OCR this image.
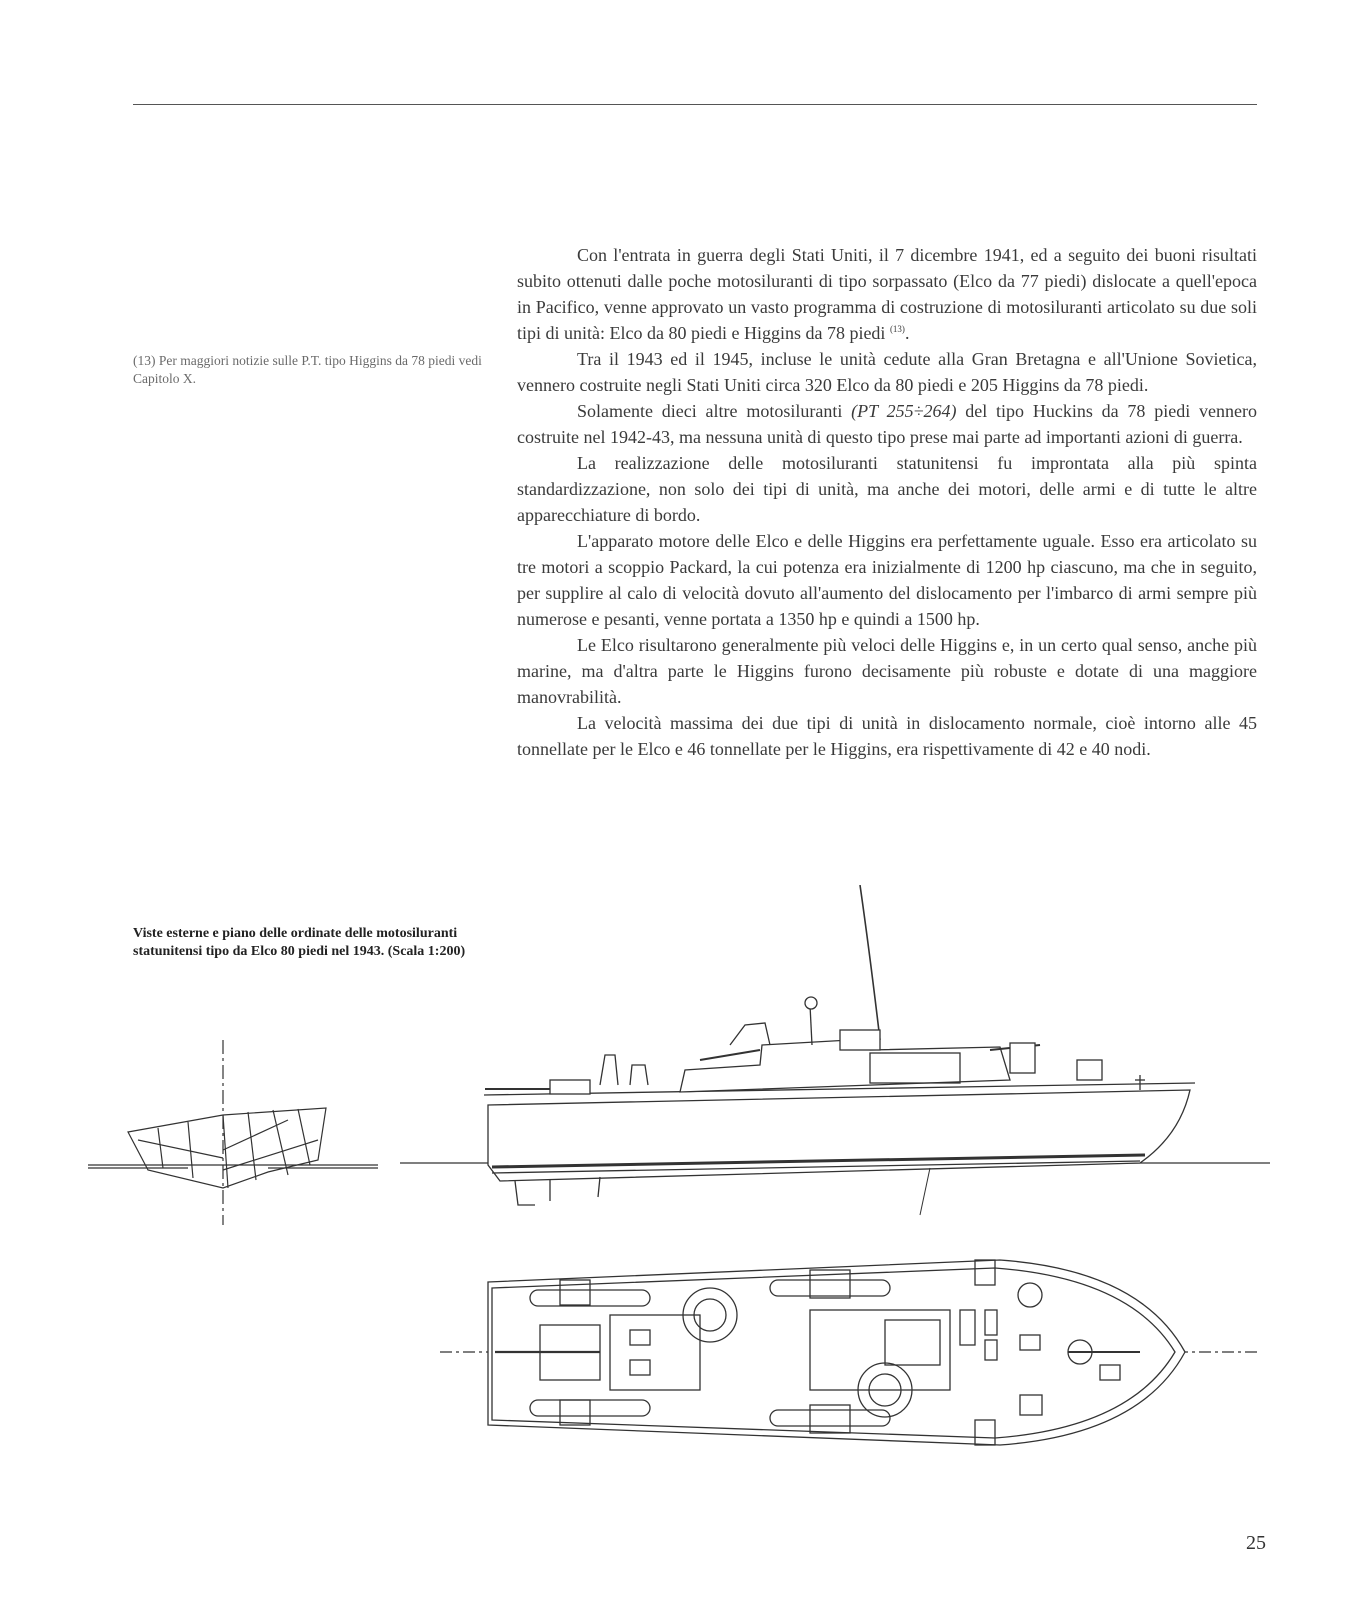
(13) Per maggiori notizie sulle P.T. tipo Higgins da 78 piedi vedi Capitolo X.

Con l'entrata in guerra degli Stati Uniti, il 7 dicembre 1941, ed a seguito dei buoni risultati subito ottenuti dalle poche motosiluranti di tipo sorpassato (Elco da 77 piedi) dislocate a quell'epoca in Pacifico, venne approvato un vasto programma di costruzione di motosiluranti articolato su due soli tipi di unità: Elco da 80 piedi e Higgins da 78 piedi $^{(13)}$.

Tra il 1943 ed il 1945, incluse le unità cedute alla Gran Bretagna e all'Unione Sovietica, vennero costruite negli Stati Uniti circa 320 Elco da 80 piedi e 205 Higgins da 78 piedi.

Solamente dieci altre motosiluranti (PT 255÷264) del tipo Huckins da 78 piedi vennero costruite nel 1942-43, ma nessuna unità di questo tipo prese mai parte ad importanti azioni di guerra.

La realizzazione delle motosiluranti statunitensi fu improntata alla più spinta standardizzazione, non solo dei tipi di unità, ma anche dei motori, delle armi e di tutte le altre apparecchiature di bordo.

L'apparato motore delle Elco e delle Higgins era perfettamente uguale. Esso era articolato su tre motori a scoppio Packard, la cui potenza era inizialmente di 1200 hp ciascuno, ma che in seguito, per supplire al calo di velocità dovuto all'aumento del dislocamento per l'imbarco di armi sempre più numerose e pesanti, venne portata a 1350 hp e quindi a 1500 hp.

Le Elco risultarono generalmente più veloci delle Higgins e, in un certo qual senso, anche più marine, ma d'altra parte le Higgins furono decisamente più robuste e dotate di una maggiore manovrabilità.

La velocità massima dei due tipi di unità in dislocamento normale, cioè intorno alle 45 tonnellate per le Elco e 46 tonnellate per le Higgins, era rispettivamente di 42 e 40 nodi.

Viste esterne e piano delle ordinate delle motosiluranti statunitensi tipo da Elco 80 piedi nel 1943. (Scala 1:200)
25
